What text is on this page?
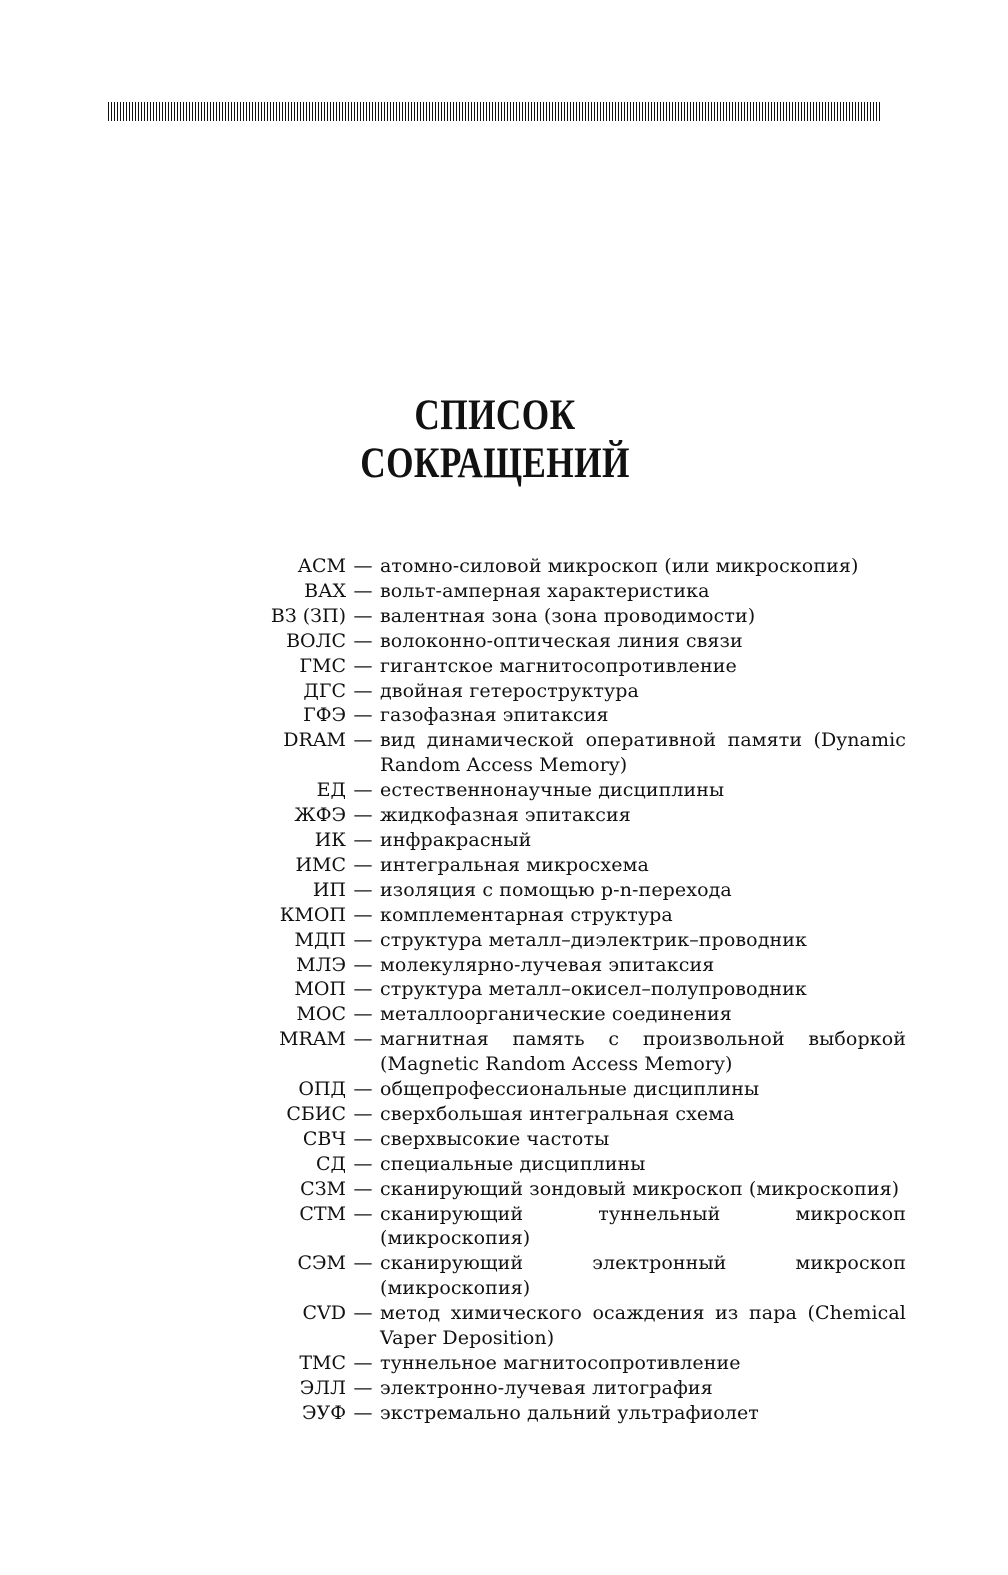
СПИСОК
СОКРАЩЕНИЙ
АСМ — атомно-силовой микроскоп (или микроскопия)
ВАХ — вольт-амперная характеристика
ВЗ (ЗП) — валентная зона (зона проводимости)
ВОЛС — волоконно-оптическая линия связи
ГМС — гигантское магнитосопротивление
ДГС — двойная гетероструктура
ГФЭ — газофазная эпитаксия
DRAM — вид динамической оперативной памяти (Dynamic Random Access Memory)
ЕД — естественнонаучные дисциплины
ЖФЭ — жидкофазная эпитаксия
ИК — инфракрасный
ИМС — интегральная микросхема
ИП — изоляция с помощью p-n-перехода
КМОП — комплементарная структура
МДП — структура металл–диэлектрик–проводник
МЛЭ — молекулярно-лучевая эпитаксия
МОП — структура металл–окисел–полупроводник
МОС — металлоорганические соединения
MRAM — магнитная память с произвольной выборкой (Magnetic Random Access Memory)
ОПД — общепрофессиональные дисциплины
СБИС — сверхбольшая интегральная схема
СВЧ — сверхвысокие частоты
СД — специальные дисциплины
СЗМ — сканирующий зондовый микроскоп (микроскопия)
СТМ — сканирующий туннельный микроскоп (микроскопия)
СЭМ — сканирующий электронный микроскоп (микроскопия)
CVD — метод химического осаждения из пара (Chemical Vaper Deposition)
ТМС — туннельное магнитосопротивление
ЭЛЛ — электронно-лучевая литография
ЭУФ — экстремально дальний ультрафиолет
